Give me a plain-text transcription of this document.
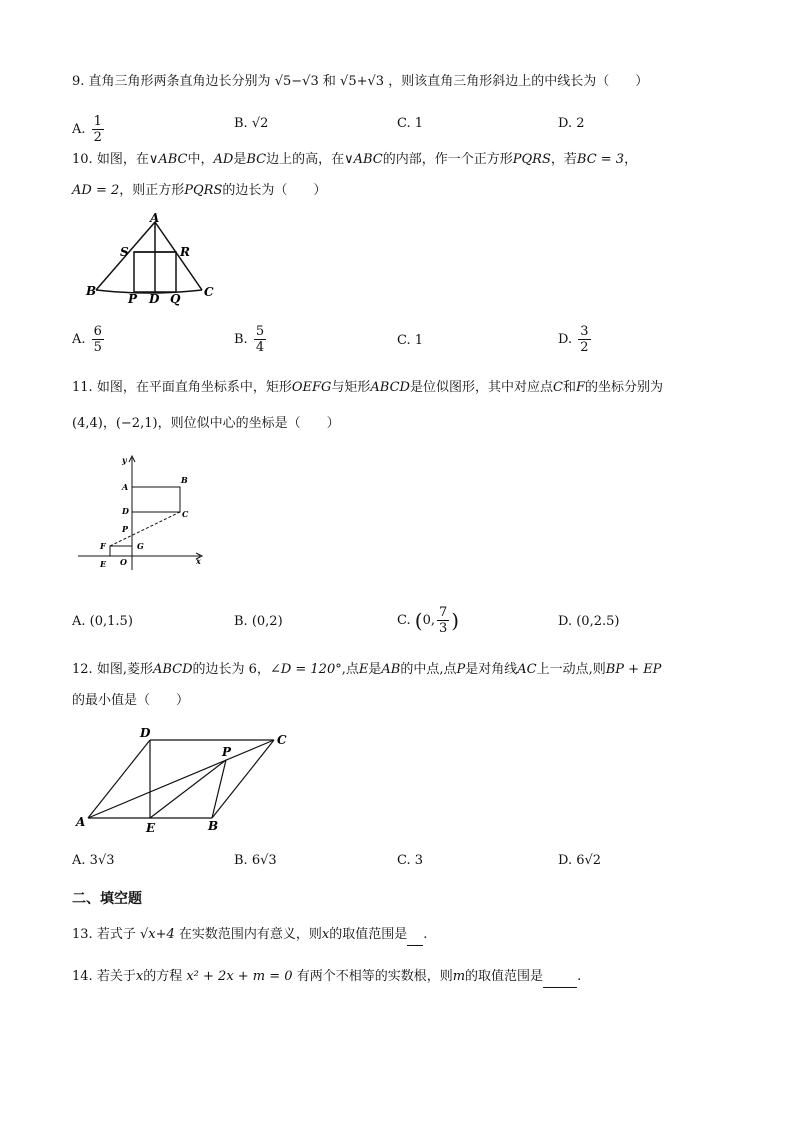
9. 直角三角形两条直角边长分别为 √5−√3 和 √5+√3 ，则该直角三角形斜边上的中线长为（　　）
A. $\frac{1}{2}$	B. √2	C. 1	D. 2
10. 如图，在∨ABC中，AD是BC边上的高，在∨ABC的内部，作一个正方形PQRS，若BC = 3，
AD = 2，则正方形PQRS的边长为（　　）
A
B	C
D
P	Q
R
S
A. $\frac{6}{5}$	B. $\frac{5}{4}$	C. 1	D. $\frac{3}{2}$
11. 如图，在平面直角坐标系中，矩形OEFG与矩形ABCD是位似图形，其中对应点C和F的坐标分别为
(4,4)，(−2,1)，则位似中心的坐标是（　　）
y
x
A
B
C
D
P
F	G
E O
A. (0,1.5)	B. (0,2)	C. (0, $\frac{7}{3}$ )	D. (0,2.5)
12. 如图,菱形ABCD的边长为 6，∠D = 120°,点E是AB的中点,点P是对角线AC上一动点,则BP + EP
的最小值是（　　）
A	B
C
D
E
P
A. 3√3	B. 6√3	C. 3	D. 6√2
二、填空题
13. 若式子 √x+4 在实数范围内有意义，则x的取值范围是 .
14. 若关于x的方程 x² + 2x + m = 0 有两个不相等的实数根，则m的取值范围是	.
